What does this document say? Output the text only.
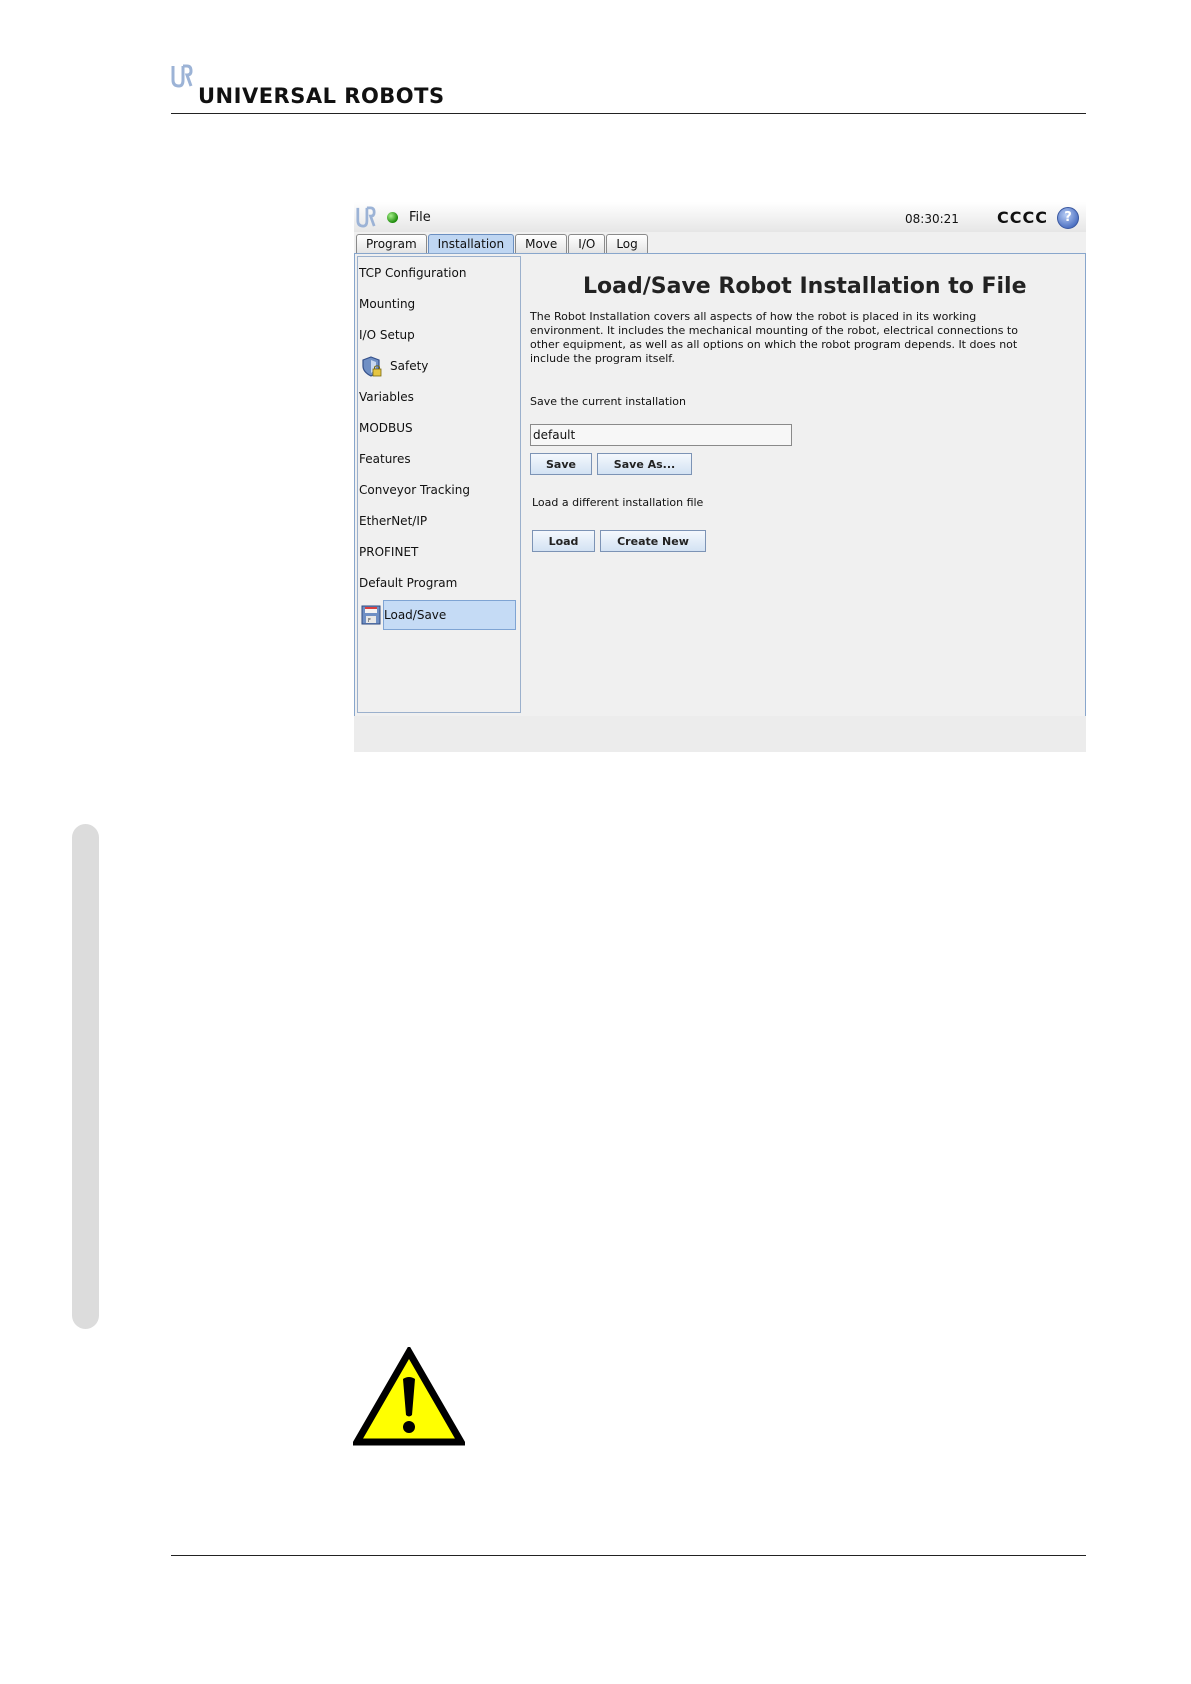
UNIVERSAL ROBOTS
File	08:30:21 CCCC	?
Program	Installation	Move	I/O	Log
TCP Configuration
Mounting
I/O Setup
Safety
Variables
MODBUS
Features
Conveyor Tracking
EtherNet/IP
PROFINET
Default Program
F Load/Save
Load/Save Robot Installation to File
The Robot Installation covers all aspects of how the robot is placed in its working environment. It includes the mechanical mounting of the robot, electrical connections to other equipment, as well as all options on which the robot program depends. It does not include the program itself.
Save the current installation
default
Save	Save As...
Load a different installation file
Load	Create New
